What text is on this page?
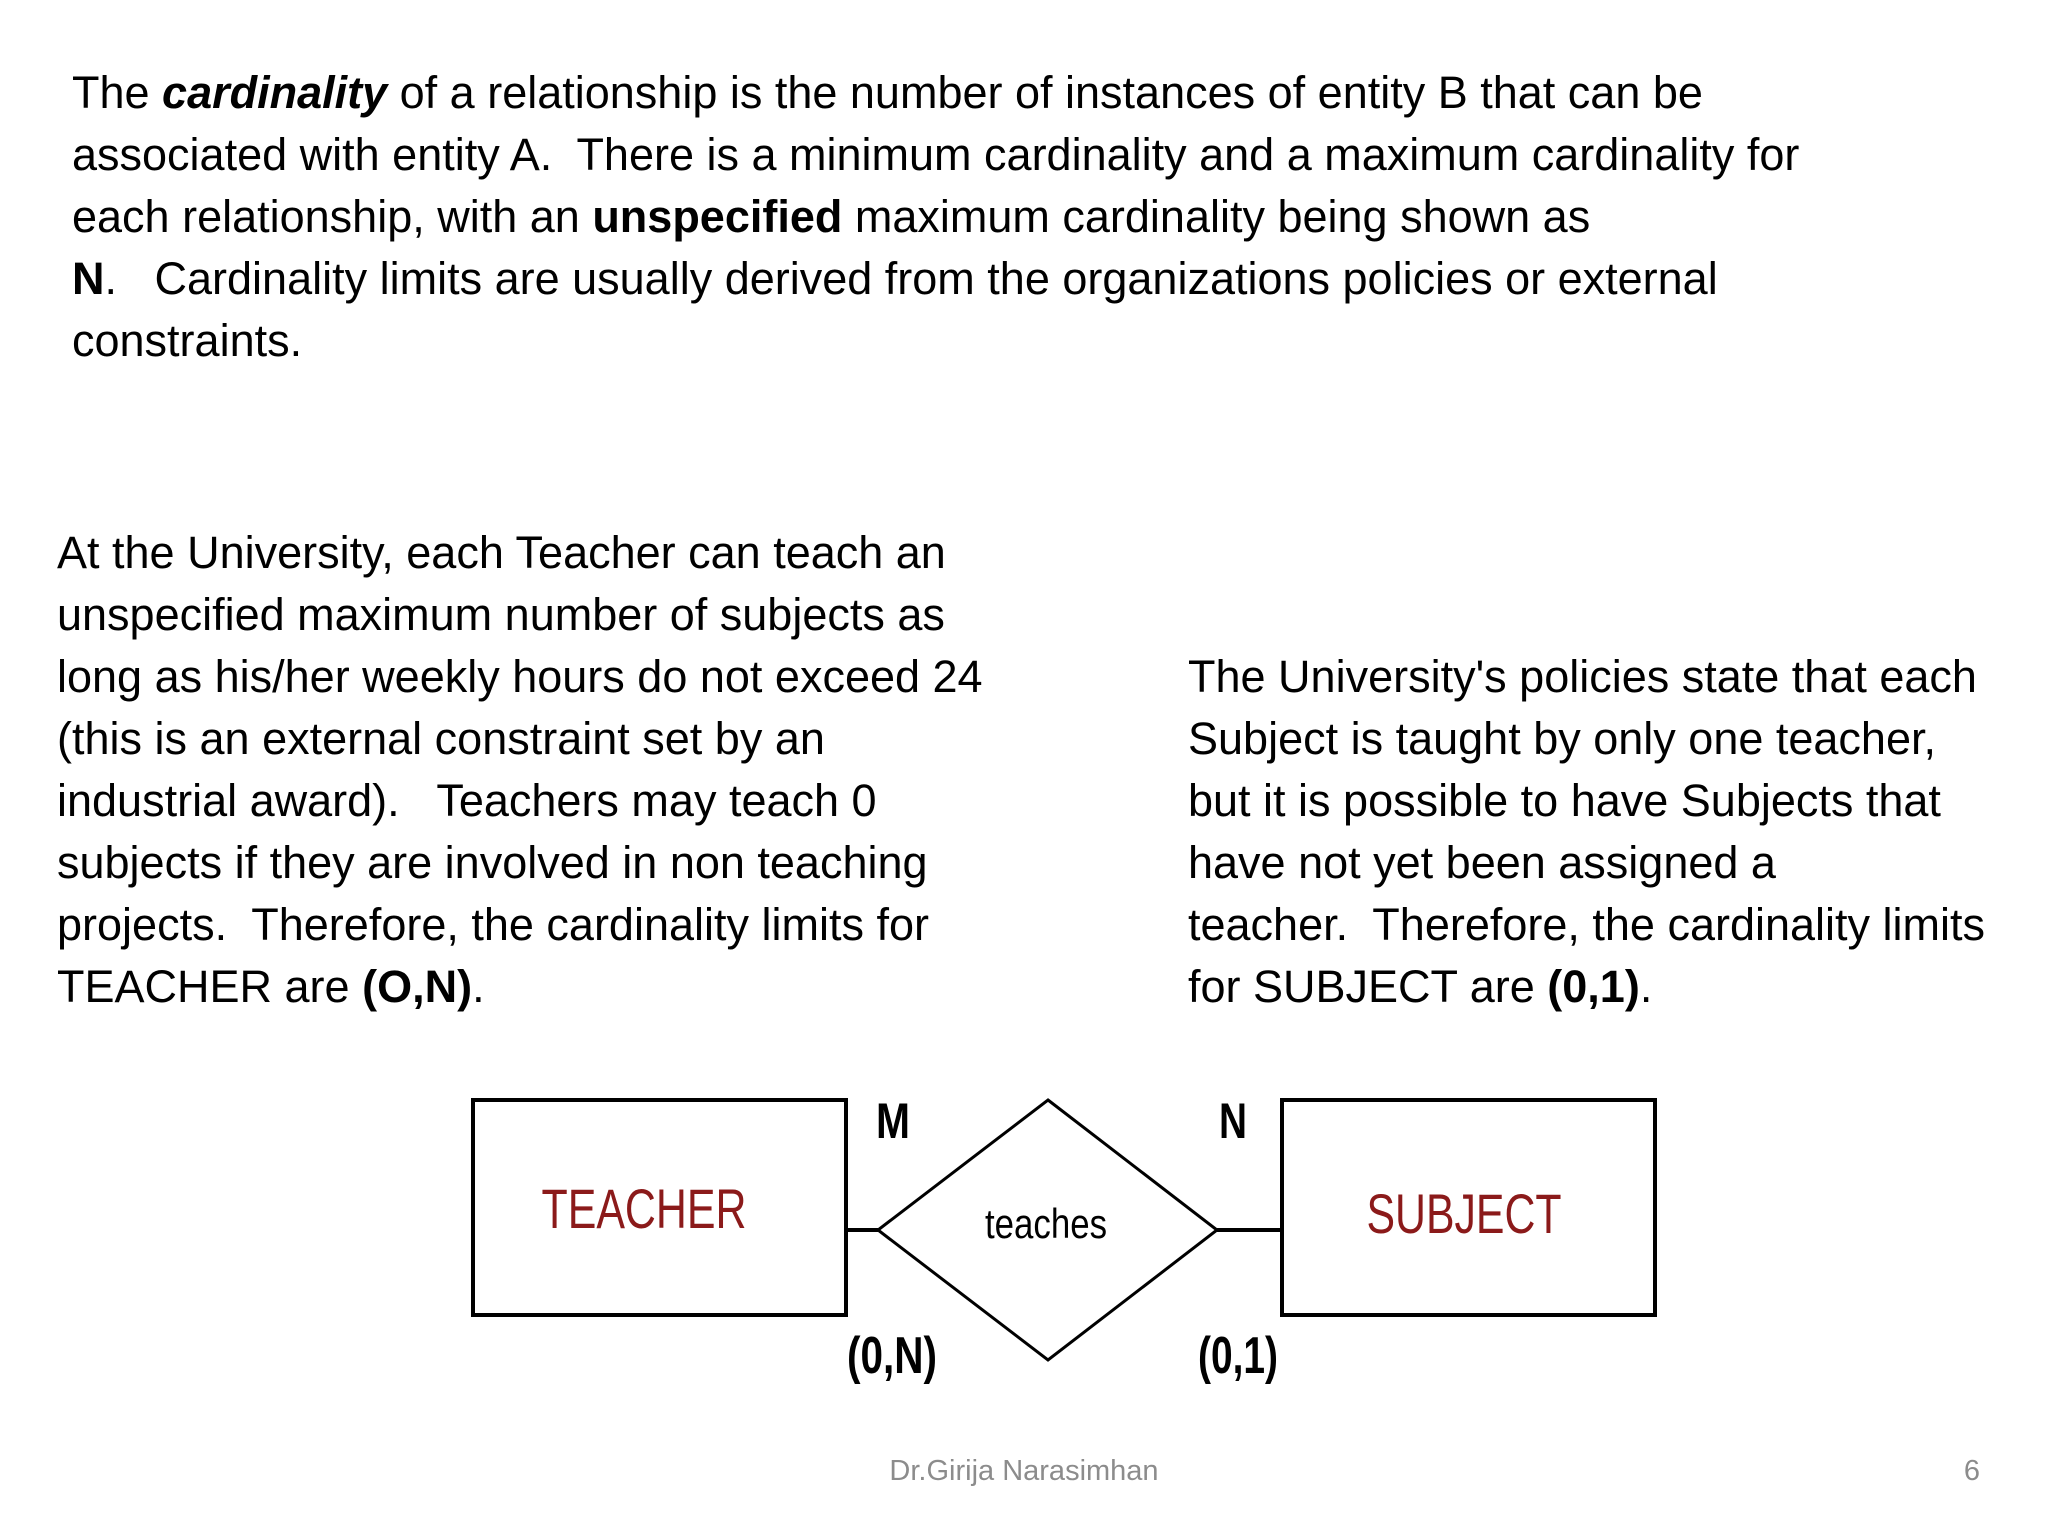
The cardinality of a relationship is the number of instances of entity B that can be
associated with entity A.  There is a minimum cardinality and a maximum cardinality for
each relationship, with an unspecified maximum cardinality being shown as
N.   Cardinality limits are usually derived from the organizations policies or external
constraints.
At the University, each Teacher can teach an
unspecified maximum number of subjects as
long as his/her weekly hours do not exceed 24
(this is an external constraint set by an
industrial award).   Teachers may teach 0
subjects if they are involved in non teaching
projects.  Therefore, the cardinality limits for
TEACHER are (O,N).
The University's policies state that each
Subject is taught by only one teacher,
but it is possible to have Subjects that
have not yet been assigned a
teacher.  Therefore, the cardinality limits
for SUBJECT are (0,1).
TEACHER	teaches	SUBJECT
M	N
(0,N)	(0,1)
Dr.Girija Narasimhan	6
